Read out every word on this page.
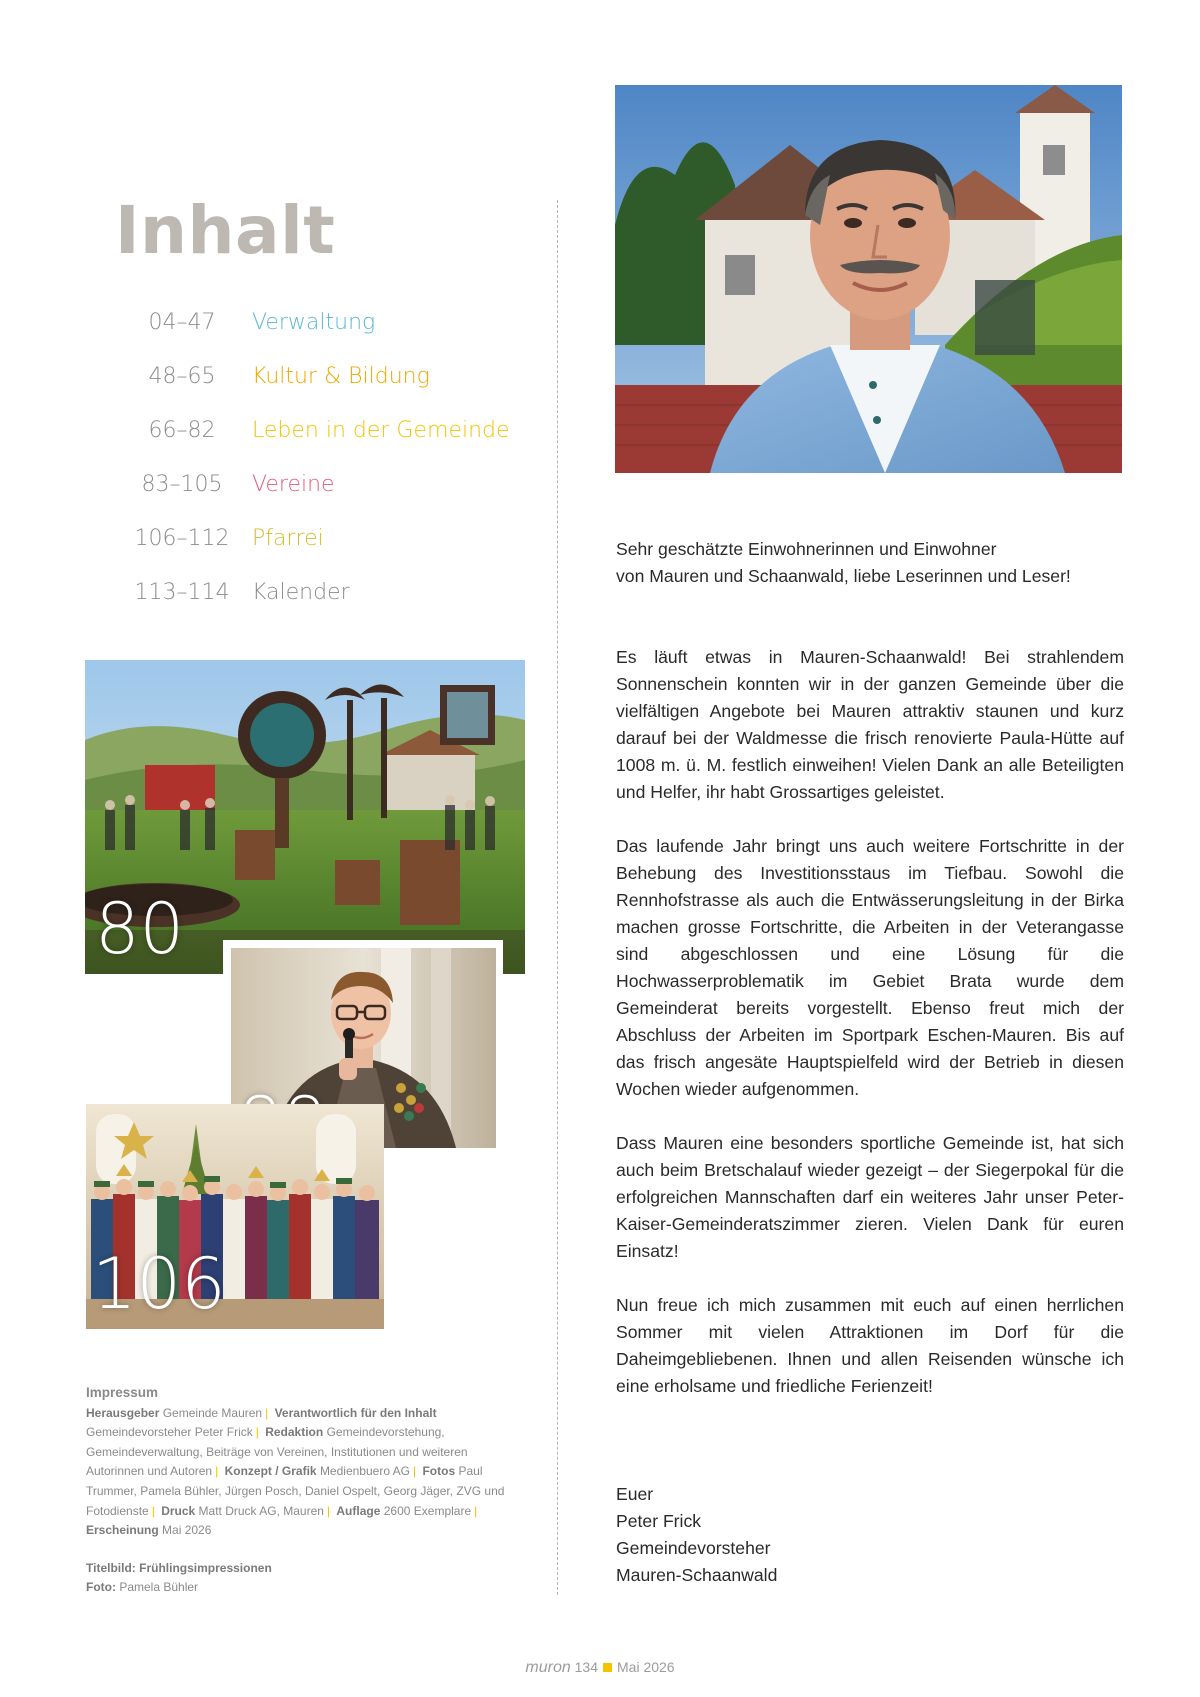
Inhalt
04–47	Verwaltung
48–65	Kultur & Bildung
66–82	Leben in der Gemeinde
83–105	Vereine
106–112	Pfarrei
113–114	Kalender
80
106
Impressum
Herausgeber Gemeinde Mauren | Verantwortlich für den Inhalt Gemeindevorsteher Peter Frick | Redaktion Gemeindevorstehung, Gemeindeverwaltung, Beiträge von Vereinen, Institutionen und weiteren Autorinnen und Autoren | Konzept / Grafik Medienbuero AG | Fotos Paul Trummer, Pamela Bühler, Jürgen Posch, Daniel Ospelt, Georg Jäger, ZVG und Fotodienste | Druck Matt Druck AG, Mauren | Auflage 2600 Exemplare | Erscheinung Mai 2026
Titelbild: Frühlingsimpressionen
Foto: Pamela Bühler
Sehr geschätzte Einwohnerinnen und Einwohner
von Mauren und Schaanwald, liebe Leserinnen und Leser!

Es läuft etwas in Mauren-Schaanwald! Bei strahlendem Sonnenschein konnten wir in der ganzen Gemeinde über die vielfältigen Angebote bei Mauren attraktiv staunen und kurz darauf bei der Waldmesse die frisch renovierte Paula-Hütte auf 1008 m. ü. M. festlich einweihen! Vielen Dank an alle Beteiligten und Helfer, ihr habt Grossartiges geleistet.

Das laufende Jahr bringt uns auch weitere Fortschritte in der Behebung des Investitionsstaus im Tiefbau. Sowohl die Rennhofstrasse als auch die Entwässerungsleitung in der Birka machen grosse Fortschritte, die Arbeiten in der Veterangasse sind abgeschlossen und eine Lösung für die Hochwasserproblematik im Gebiet Brata wurde dem Gemeinderat bereits vorgestellt. Ebenso freut mich der Abschluss der Arbeiten im Sportpark Eschen-Mauren. Bis auf das frisch angesäte Hauptspielfeld wird der Betrieb in diesen Wochen wieder aufgenommen.

Dass Mauren eine besonders sportliche Gemeinde ist, hat sich auch beim Bretschalauf wieder gezeigt – der Siegerpokal für die erfolgreichen Mannschaften darf ein weiteres Jahr unser Peter-Kaiser-Gemeinderatszimmer zieren. Vielen Dank für euren Einsatz!

Nun freue ich mich zusammen mit euch auf einen herrlichen Sommer mit vielen Attraktionen im Dorf für die Daheimgebliebenen. Ihnen und allen Reisenden wünsche ich eine erholsame und friedliche Ferienzeit!

Euer
Peter Frick
Gemeindevorsteher
Mauren-Schaanwald
muron 134 Mai 2026
